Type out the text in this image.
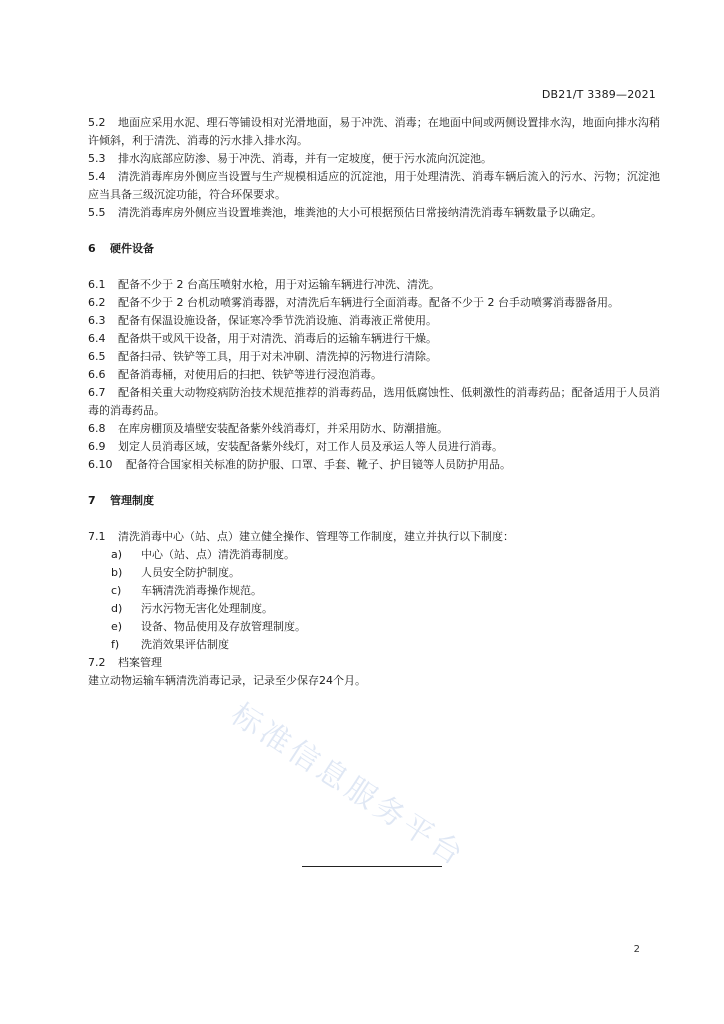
DB21/T 3389—2021

5.2 地面应采用水泥、理石等铺设相对光滑地面，易于冲洗、消毒；在地面中间或两侧设置排水沟，地面向排水沟稍许倾斜，利于清洗、消毒的污水排入排水沟。

5.3 排水沟底部应防渗、易于冲洗、消毒，并有一定坡度，便于污水流向沉淀池。

5.4 清洗消毒库房外侧应当设置与生产规模相适应的沉淀池，用于处理清洗、消毒车辆后流入的污水、污物；沉淀池应当具备三级沉淀功能，符合环保要求。

5.5 清洗消毒库房外侧应当设置堆粪池，堆粪池的大小可根据预估日常接纳清洗消毒车辆数量予以确定。

6 硬件设备

6.1 配备不少于 2 台高压喷射水枪，用于对运输车辆进行冲洗、清洗。

6.2 配备不少于 2 台机动喷雾消毒器，对清洗后车辆进行全面消毒。配备不少于 2 台手动喷雾消毒器备用。

6.3 配备有保温设施设备，保证寒冷季节洗消设施、消毒液正常使用。

6.4 配备烘干或风干设备，用于对清洗、消毒后的运输车辆进行干燥。

6.5 配备扫帚、铁铲等工具，用于对未冲刷、清洗掉的污物进行清除。

6.6 配备消毒桶，对使用后的扫把、铁铲等进行浸泡消毒。

6.7 配备相关重大动物疫病防治技术规范推荐的消毒药品，选用低腐蚀性、低刺激性的消毒药品；配备适用于人员消毒的消毒药品。

6.8 在库房棚顶及墙壁安装配备紫外线消毒灯，并采用防水、防潮措施。

6.9 划定人员消毒区域，安装配备紫外线灯，对工作人员及承运人等人员进行消毒。

6.10 配备符合国家相关标准的防护服、口罩、手套、靴子、护目镜等人员防护用品。

7 管理制度

7.1 清洗消毒中心（站、点）建立健全操作、管理等工作制度，建立并执行以下制度：

a) 中心（站、点）清洗消毒制度。

b) 人员安全防护制度。

c) 车辆清洗消毒操作规范。

d) 污水污物无害化处理制度。

e) 设备、物品使用及存放管理制度。

f) 洗消效果评估制度

7.2 档案管理

建立动物运输车辆清洗消毒记录，记录至少保存24个月。

2
标准信息服务平台
